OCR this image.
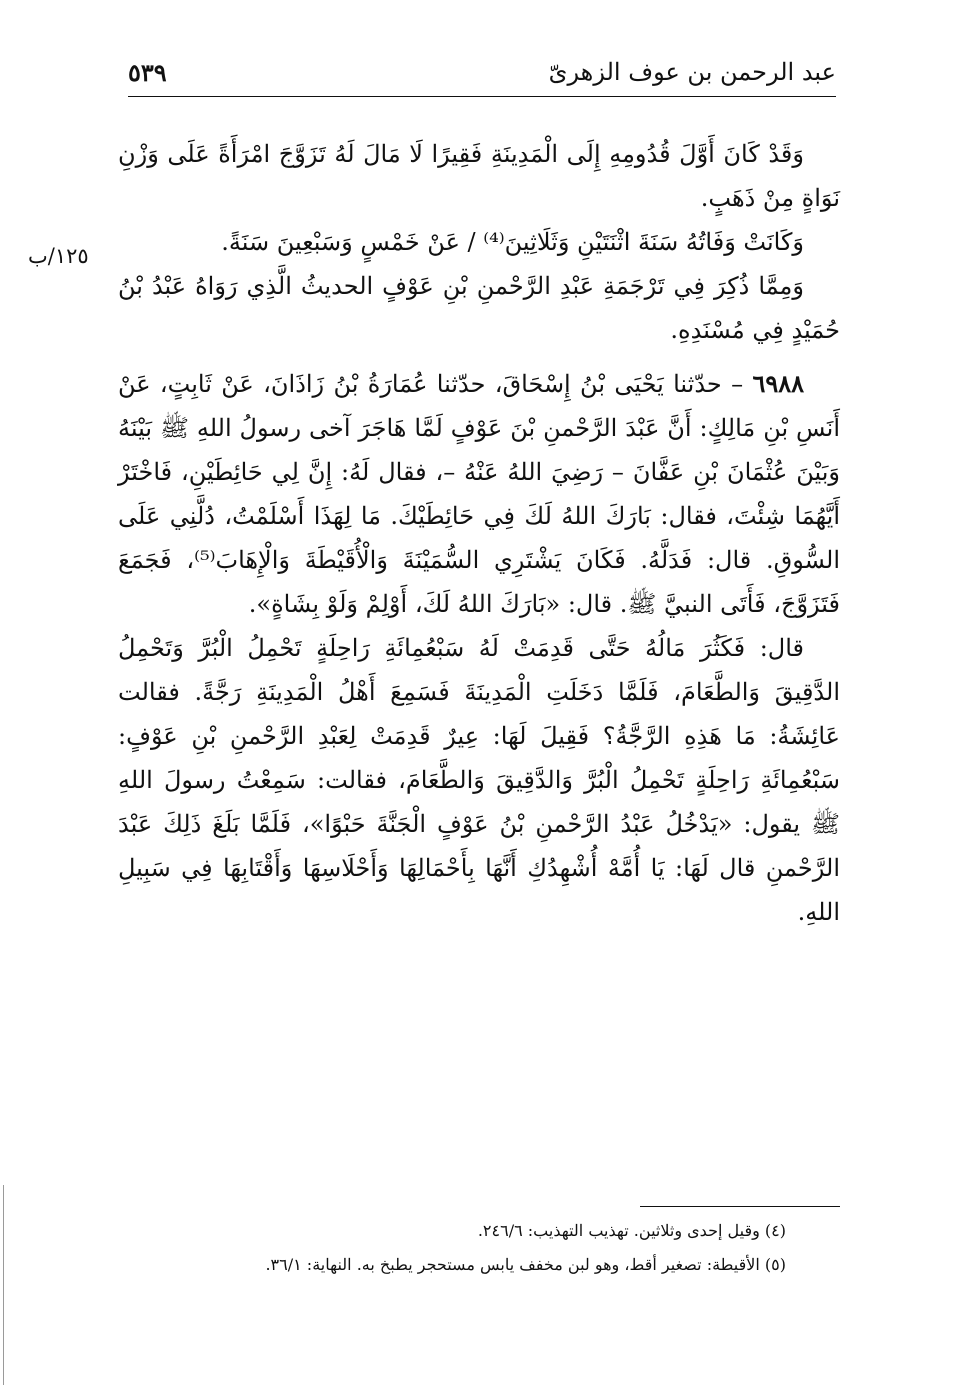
٥٣٩	عبد الرحمن بن عوف الزهرىّ
١٢٥/ب

وَقَدْ كَانَ أَوَّلَ قُدُومِهِ إِلَى الْمَدِينَةِ فَقِيرًا لَا مَالَ لَهُ تَزَوَّجَ امْرَأَةً عَلَى وَزْنِ نَوَاةٍ مِنْ ذَهَبٍ.

وَكَانَتْ وَفَاتُهُ سَنَةَ اثْنَتَيْنِ وَثَلَاثِينَ⁽⁴⁾ / عَنْ خَمْسٍ وَسَبْعِينَ سَنَةً.

وَمِمَّا ذُكِرَ فِي تَرْجَمَةِ عَبْدِ الرَّحْمنِ بْنِ عَوْفٍ الحديثُ الَّذِي رَوَاهُ عَبْدُ بْنُ حُمَيْدٍ فِي مُسْنَدِهِ.

٦٩٨٨ – حدّثنا يَحْيَى بْنُ إِسْحَاقَ، حدّثنا عُمَارَةُ بْنُ زَاذَانَ، عَنْ ثَابِتٍ، عَنْ أَنَسِ بْنِ مَالِكٍ: أَنَّ عَبْدَ الرَّحْمنِ بْنَ عَوْفٍ لَمَّا هَاجَرَ آخى رسولُ اللهِ ﷺ بَيْنَهُ وَبَيْنَ عُثْمَانَ بْنِ عَفَّانَ – رَضِيَ اللهُ عَنْهُ –، فقال لَهُ: إِنَّ لِي حَائِطَيْنِ، فَاخْتَرْ أَيَّهُمَا شِئْتَ، فقال: بَارَكَ اللهُ لَكَ فِي حَائِطَيْكَ. مَا لِهَذَا أَسْلَمْتُ، دُلَّنِي عَلَى السُّوقِ. قال: فَدَلَّهُ. فَكَانَ يَشْتَرِي السُّمَيْنَةَ وَالْأُقَيْطَةَ وَالْإِهَابَ⁽⁵⁾، فَجَمَعَ فَتَزَوَّجَ، فَأَتَى النبيَّ ﷺ. قال: «بَارَكَ اللهُ لَكَ، أَوْلِمْ وَلَوْ بِشَاةٍ».

قال: فَكَثُرَ مَالُهُ حَتَّى قَدِمَتْ لَهُ سَبْعُمِائَةِ رَاحِلَةٍ تَحْمِلُ الْبُرَّ وَتَحْمِلُ الدَّقِيقَ وَالطَّعَامَ، فَلَمَّا دَخَلَتِ الْمَدِينَةَ فَسَمِعَ أَهْلُ الْمَدِينَةِ رَجَّةً. فقالت عَائِشَةُ: مَا هَذِهِ الرَّجَّةُ؟ فَقِيلَ لَهَا: عِيرٌ قَدِمَتْ لِعَبْدِ الرَّحْمنِ بْنِ عَوْفٍ: سَبْعُمِائَةِ رَاحِلَةٍ تَحْمِلُ الْبُرَّ وَالدَّقِيقَ وَالطَّعَامَ، فقالت: سَمِعْتُ رسولَ اللهِ ﷺ يقول: «يَدْخُلُ عَبْدُ الرَّحْمنِ بْنُ عَوْفٍ الْجَنَّةَ حَبْوًا»، فَلَمَّا بَلَغَ ذَلِكَ عَبْدَ الرَّحْمنِ قال لَهَا: يَا أُمَّهْ أُشْهِدُكِ أَنَّهَا بِأَحْمَالِهَا وَأَحْلَاسِهَا وَأَقْتَابِهَا فِي سَبِيلِ اللهِ.

(٤) وقيل إحدى وثلاثين. تهذيب التهذيب: ٢٤٦/٦.

(٥) الأقيطة: تصغير أقط، وهو لبن مخفف يابس مستحجر يطبخ به. النهاية: ٣٦/١.
